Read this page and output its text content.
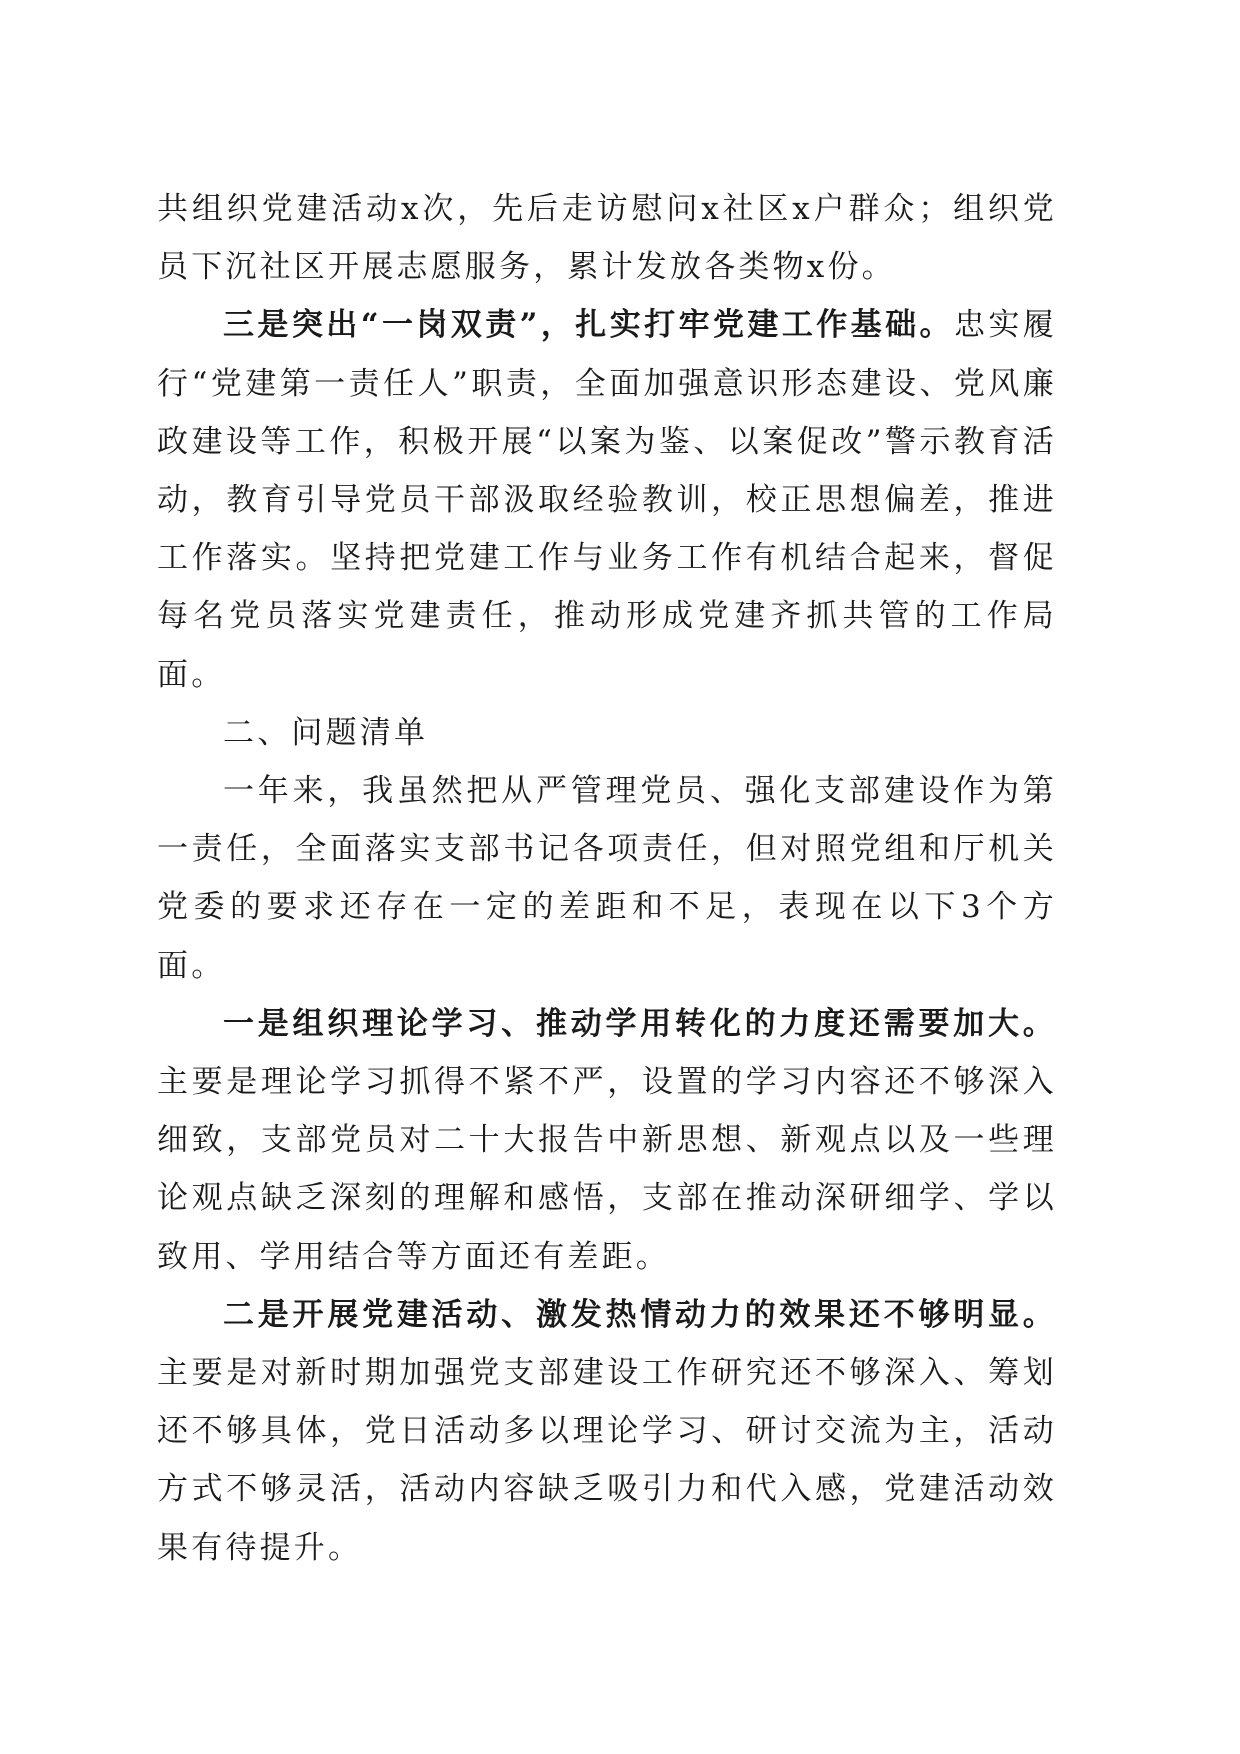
共组织党建活动x次，先后走访慰问x社区x户群众；组织党员下沉社区开展志愿服务，累计发放各类物x份。

三是突出“一岗双责”，扎实打牢党建工作基础。忠实履行“党建第一责任人”职责，全面加强意识形态建设、党风廉政建设等工作，积极开展“以案为鉴、以案促改”警示教育活动，教育引导党员干部汲取经验教训，校正思想偏差，推进工作落实。坚持把党建工作与业务工作有机结合起来，督促每名党员落实党建责任，推动形成党建齐抓共管的工作局面。

二、问题清单

一年来，我虽然把从严管理党员、强化支部建设作为第一责任，全面落实支部书记各项责任，但对照党组和厅机关党委的要求还存在一定的差距和不足，表现在以下3个方面。

一是组织理论学习、推动学用转化的力度还需要加大。主要是理论学习抓得不紧不严，设置的学习内容还不够深入细致，支部党员对二十大报告中新思想、新观点以及一些理论观点缺乏深刻的理解和感悟，支部在推动深研细学、学以致用、学用结合等方面还有差距。

二是开展党建活动、激发热情动力的效果还不够明显。主要是对新时期加强党支部建设工作研究还不够深入、筹划还不够具体，党日活动多以理论学习、研讨交流为主，活动方式不够灵活，活动内容缺乏吸引力和代入感，党建活动效果有待提升。
